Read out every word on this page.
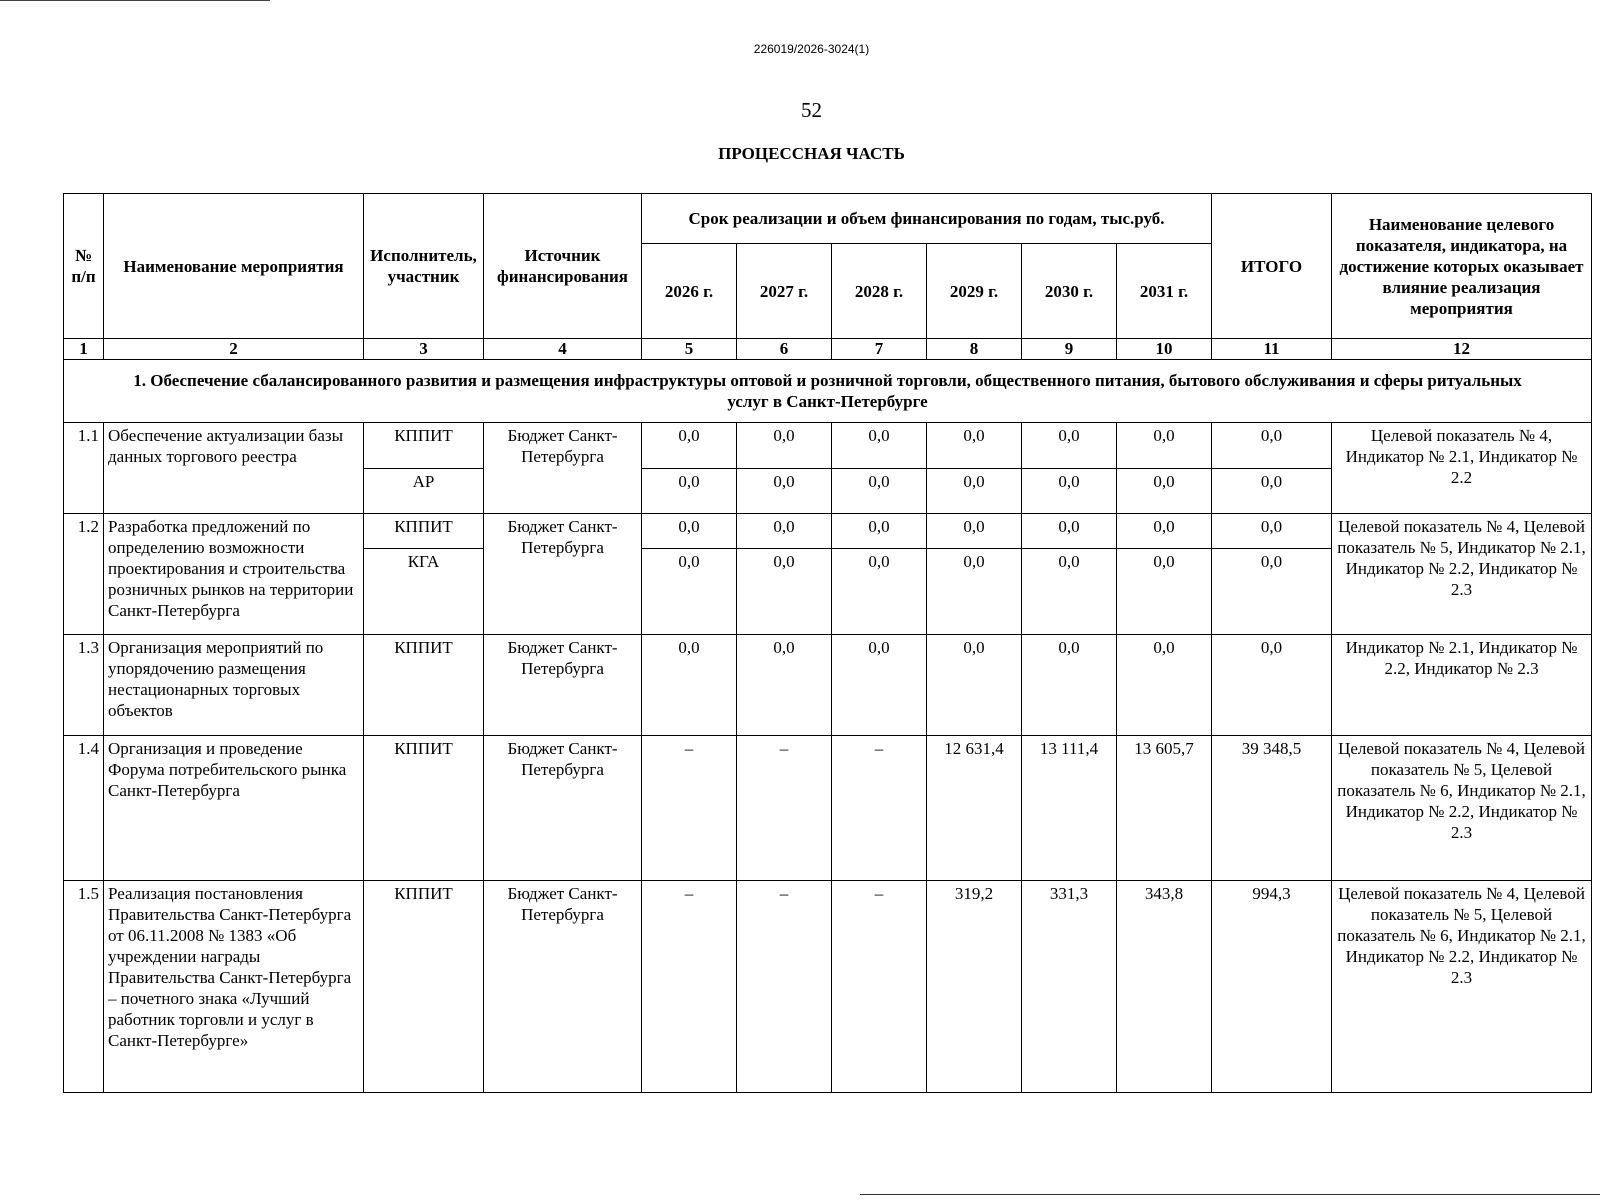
226019/2026-3024(1)
52
ПРОЦЕССНАЯ ЧАСТЬ
№ п/п	Наименование мероприятия	Исполнитель, участник	Источник финансирования	Срок реализации и объем финансирования по годам, тыс.руб.						ИТОГО	Наименование целевого показателя, индикатора, на достижение которых оказывает влияние реализация мероприятия
				2026 г.	2027 г.	2028 г.	2029 г.	2030 г.	2031 г.		
1	2	3	4	5	6	7	8	9	10	11	12
1. Обеспечение сбалансированного развития и размещения инфраструктуры оптовой и розничной торговли, общественного питания, бытового обслуживания и сферы ритуальных услуг в Санкт-Петербурге											
1.1	Обеспечение актуализации базы данных торгового реестра	КППИТ	Бюджет Санкт-Петербурга	0,0	0,0	0,0	0,0	0,0	0,0	0,0	Целевой показатель № 4, Индикатор № 2.1, Индикатор № 2.2
		АР		0,0	0,0	0,0	0,0	0,0	0,0	0,0	
1.2	Разработка предложений по определению возможности проектирования и строительства розничных рынков на территории Санкт-Петербурга	КППИТ	Бюджет Санкт-Петербурга	0,0	0,0	0,0	0,0	0,0	0,0	0,0	Целевой показатель № 4, Целевой показатель № 5, Индикатор № 2.1, Индикатор № 2.2, Индикатор № 2.3
		КГА		0,0	0,0	0,0	0,0	0,0	0,0	0,0	
1.3	Организация мероприятий по упорядочению размещения нестационарных торговых объектов	КППИТ	Бюджет Санкт-Петербурга	0,0	0,0	0,0	0,0	0,0	0,0	0,0	Индикатор № 2.1, Индикатор № 2.2, Индикатор № 2.3
1.4	Организация и проведение Форума потребительского рынка Санкт-Петербурга	КППИТ	Бюджет Санкт-Петербурга	–	–	–	12 631,4	13 111,4	13 605,7	39 348,5	Целевой показатель № 4, Целевой показатель № 5, Целевой показатель № 6, Индикатор № 2.1, Индикатор № 2.2, Индикатор № 2.3
1.5	Реализация постановления Правительства Санкт-Петербурга от 06.11.2008 № 1383 «Об учреждении награды Правительства Санкт-Петербурга – почетного знака «Лучший работник торговли и услуг в Санкт-Петербурге»	КППИТ	Бюджет Санкт-Петербурга	–	–	–	319,2	331,3	343,8	994,3	Целевой показатель № 4, Целевой показатель № 5, Целевой показатель № 6, Индикатор № 2.1, Индикатор № 2.2, Индикатор № 2.3
